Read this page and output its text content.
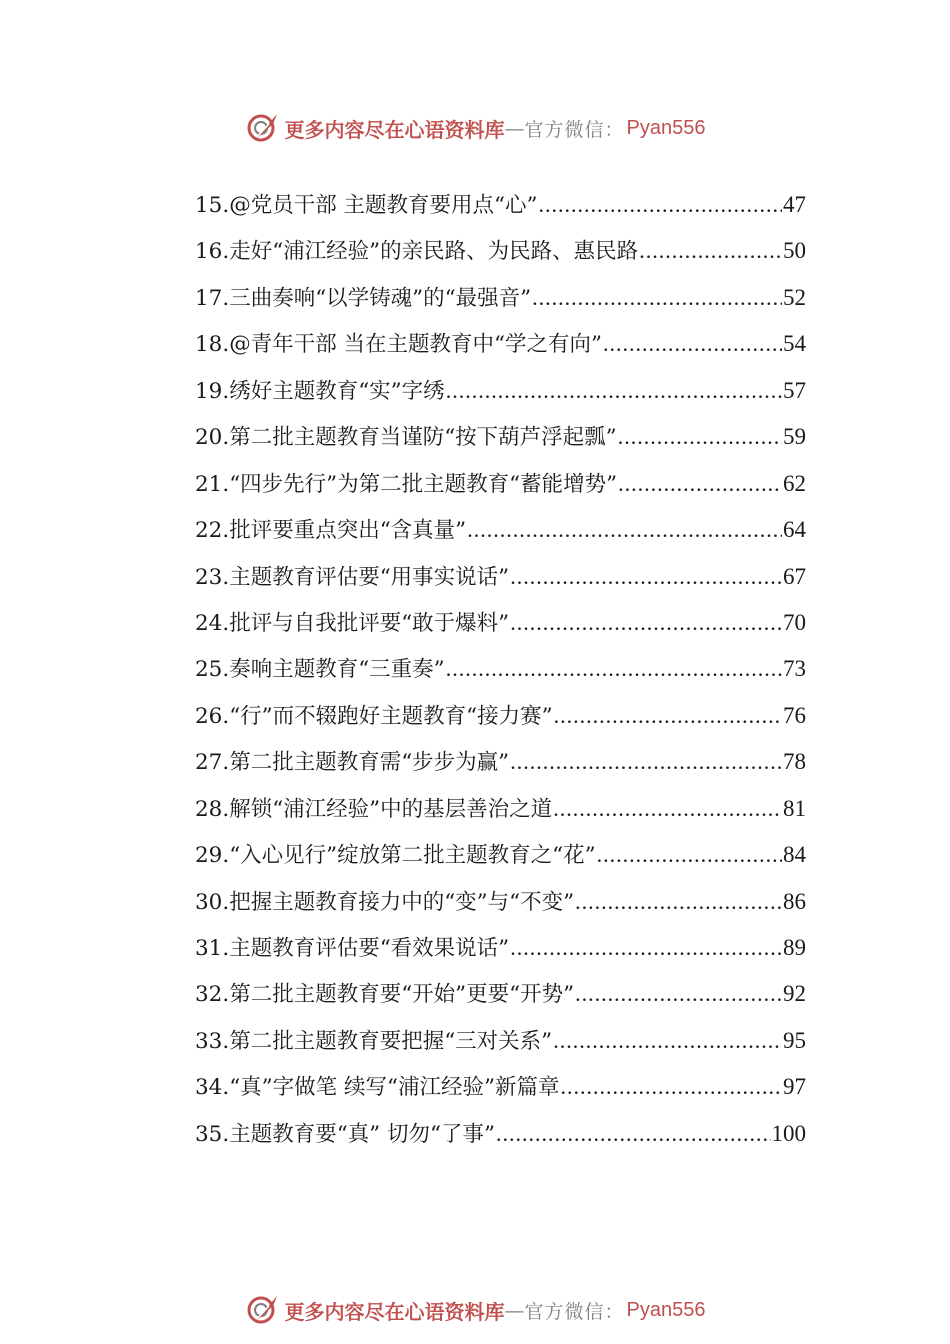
更多内容尽在心语资料库 — 官方微信： Pyan556
15.@党员干部 主题教育要用点“心” .....	47
16.走好“浦江经验”的亲民路、为民路、惠民路 .....	50
17.三曲奏响“以学铸魂”的“最强音” .....	52
18.@青年干部 当在主题教育中“学之有向” .....	54
19.绣好主题教育“实”字绣 .....	57
20.第二批主题教育当谨防“按下葫芦浮起瓢” .....	59
21.“四步先行”为第二批主题教育“蓄能增势” .....	62
22.批评要重点突出“含真量” .....	64
23.主题教育评估要“用事实说话” .....	67
24.批评与自我批评要“敢于爆料” .....	70
25.奏响主题教育“三重奏” .....	73
26.“行”而不辍跑好主题教育“接力赛” .....	76
27.第二批主题教育需“步步为赢” .....	78
28.解锁“浦江经验”中的基层善治之道 .....	81
29.“入心见行”绽放第二批主题教育之“花” .....	84
30.把握主题教育接力中的“变”与“不变” .....	86
31.主题教育评估要“看效果说话” .....	89
32.第二批主题教育要“开始”更要“开势” .....	92
33.第二批主题教育要把握“三对关系” .....	95
34.“真”字做笔 续写“浦江经验”新篇章 .....	97
35.主题教育要“真” 切勿“了事” .....	100
更多内容尽在心语资料库 — 官方微信： Pyan556
